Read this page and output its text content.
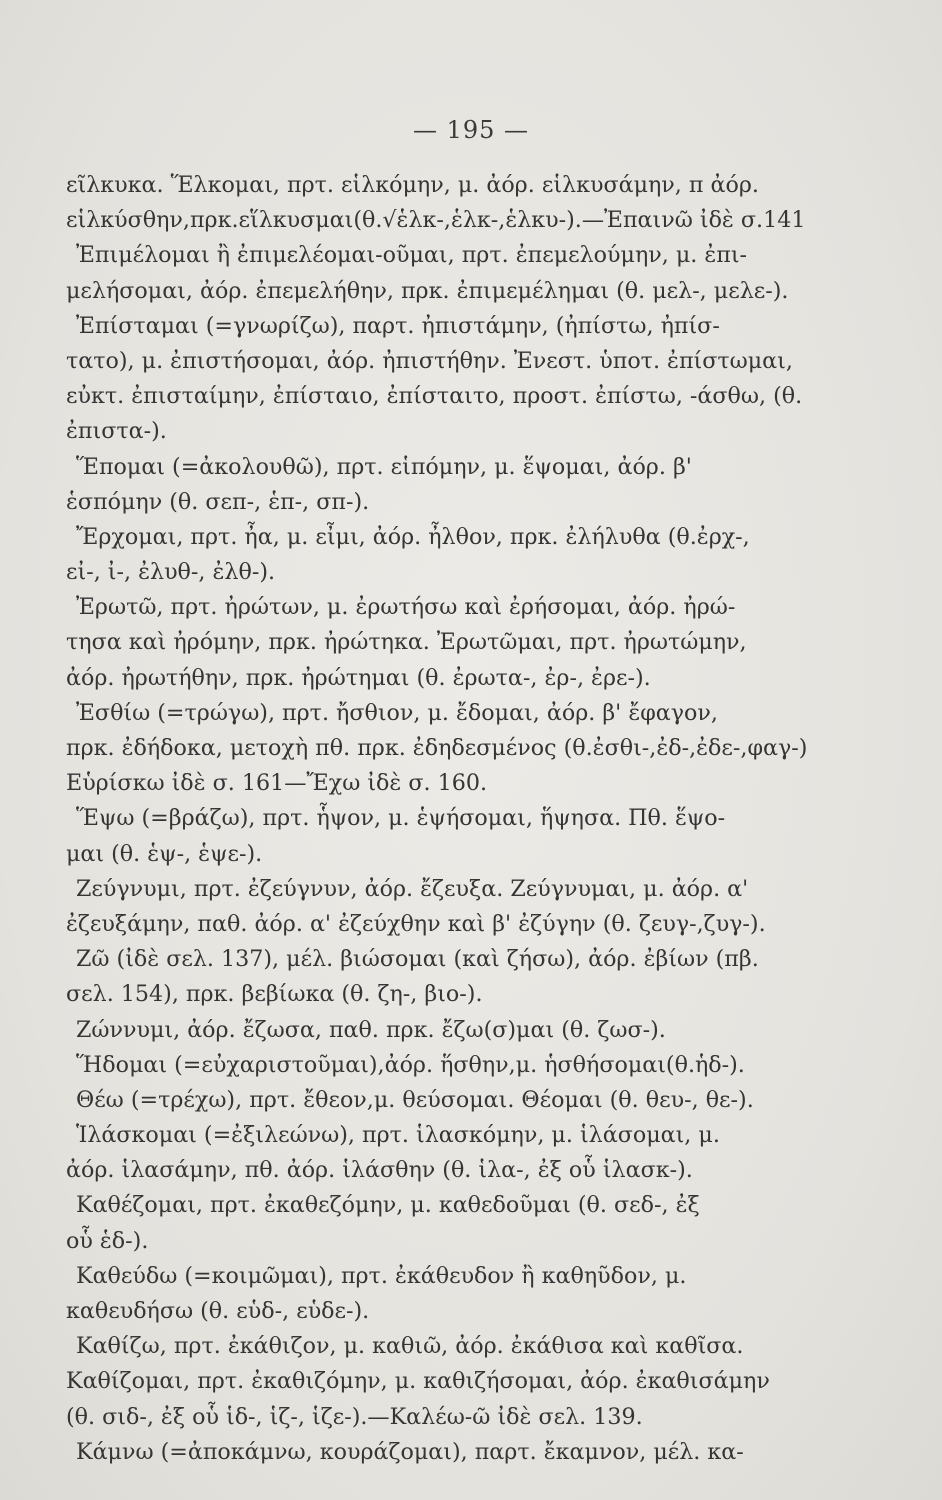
— 195 —
εῖλκυκα. Ἕλκομαι, πρτ. εἱλκόμην, μ. ἀόρ. εἱλκυσάμην, π ἀόρ.
εἱλκύσθην,πρκ.εἵλκυσμαι(θ.√ἑλκ-,ἑλκ-,ἑλκυ-).—Ἐπαινῶ ἰδὲ σ.141
Ἐπιμέλομαι ἢ ἐπιμελέομαι-οῦμαι, πρτ. ἐπεμελούμην, μ. ἐπι-
μελήσομαι, ἀόρ. ἐπεμελήθην, πρκ. ἐπιμεμέλημαι (θ. μελ-, μελε-).
Ἐπίσταμαι (=γνωρίζω), παρτ. ἠπιστάμην, (ἠπίστω, ἠπίσ-
τατο), μ. ἐπιστήσομαι, ἀόρ. ἠπιστήθην. Ἐνεστ. ὑποτ. ἐπίστωμαι,
εὐκτ. ἐπισταίμην, ἐπίσταιο, ἐπίσταιτο, προστ. ἐπίστω, -άσθω, (θ.
ἐπιστα-).
Ἕπομαι (=ἀκολουθῶ), πρτ. εἱπόμην, μ. ἕψομαι, ἀόρ. β'
ἑσπόμην (θ. σεπ-, ἑπ-, σπ-).
Ἔρχομαι, πρτ. ἦα, μ. εἶμι, ἀόρ. ἦλθον, πρκ. ἐλήλυθα (θ.ἐρχ-,
εἰ-, ἰ-, ἐλυθ-, ἐλθ-).
Ἐρωτῶ, πρτ. ἠρώτων, μ. ἐρωτήσω καὶ ἐρήσομαι, ἀόρ. ἠρώ-
τησα καὶ ἠρόμην, πρκ. ἠρώτηκα. Ἐρωτῶμαι, πρτ. ἠρωτώμην,
ἀόρ. ἠρωτήθην, πρκ. ἠρώτημαι (θ. ἐρωτα-, ἐρ-, ἐρε-).
Ἐσθίω (=τρώγω), πρτ. ἤσθιον, μ. ἔδομαι, ἀόρ. β' ἔφαγον,
πρκ. ἐδήδοκα, μετοχὴ πθ. πρκ. ἐδηδεσμένος (θ.ἐσθι-,ἐδ-,ἐδε-,φαγ-)
Εὑρίσκω ἰδὲ σ. 161—Ἔχω ἰδὲ σ. 160.
Ἕψω (=βράζω), πρτ. ἧψον, μ. ἑψήσομαι, ἥψησα. Πθ. ἕψο-
μαι (θ. ἑψ-, ἑψε-).
Ζεύγνυμι, πρτ. ἐζεύγνυν, ἀόρ. ἔζευξα. Ζεύγνυμαι, μ. ἀόρ. α'
ἐζευξάμην, παθ. ἀόρ. α' ἐζεύχθην καὶ β' ἐζύγην (θ. ζευγ-,ζυγ-).
Ζῶ (ἰδὲ σελ. 137), μέλ. βιώσομαι (καὶ ζήσω), ἀόρ. ἐβίων (πβ.
σελ. 154), πρκ. βεβίωκα (θ. ζη-, βιο-).
Ζώννυμι, ἀόρ. ἔζωσα, παθ. πρκ. ἔζω(σ)μαι (θ. ζωσ-).
Ἥδομαι (=εὐχαριστοῦμαι),ἀόρ. ἥσθην,μ. ἡσθήσομαι(θ.ἡδ-).
Θέω (=τρέχω), πρτ. ἔθεον,μ. θεύσομαι. Θέομαι (θ. θευ-, θε-).
Ἱλάσκομαι (=ἐξιλεώνω), πρτ. ἱλασκόμην, μ. ἱλάσομαι, μ.
ἀόρ. ἱλασάμην, πθ. ἀόρ. ἱλάσθην (θ. ἱλα-, ἐξ οὗ ἱλασκ-).
Καθέζομαι, πρτ. ἐκαθεζόμην, μ. καθεδοῦμαι (θ. σεδ-, ἐξ
οὗ ἑδ-).
Καθεύδω (=κοιμῶμαι), πρτ. ἐκάθευδον ἢ καθηῦδον, μ.
καθευδήσω (θ. εὑδ-, εὑδε-).
Καθίζω, πρτ. ἐκάθιζον, μ. καθιῶ, ἀόρ. ἐκάθισα καὶ καθῖσα.
Καθίζομαι, πρτ. ἐκαθιζόμην, μ. καθιζήσομαι, ἀόρ. ἐκαθισάμην
(θ. σιδ-, ἐξ οὗ ἱδ-, ἱζ-, ἱζε-).—Καλέω-ῶ ἰδὲ σελ. 139.
Κάμνω (=ἀποκάμνω, κουράζομαι), παρτ. ἔκαμνον, μέλ. κα-
